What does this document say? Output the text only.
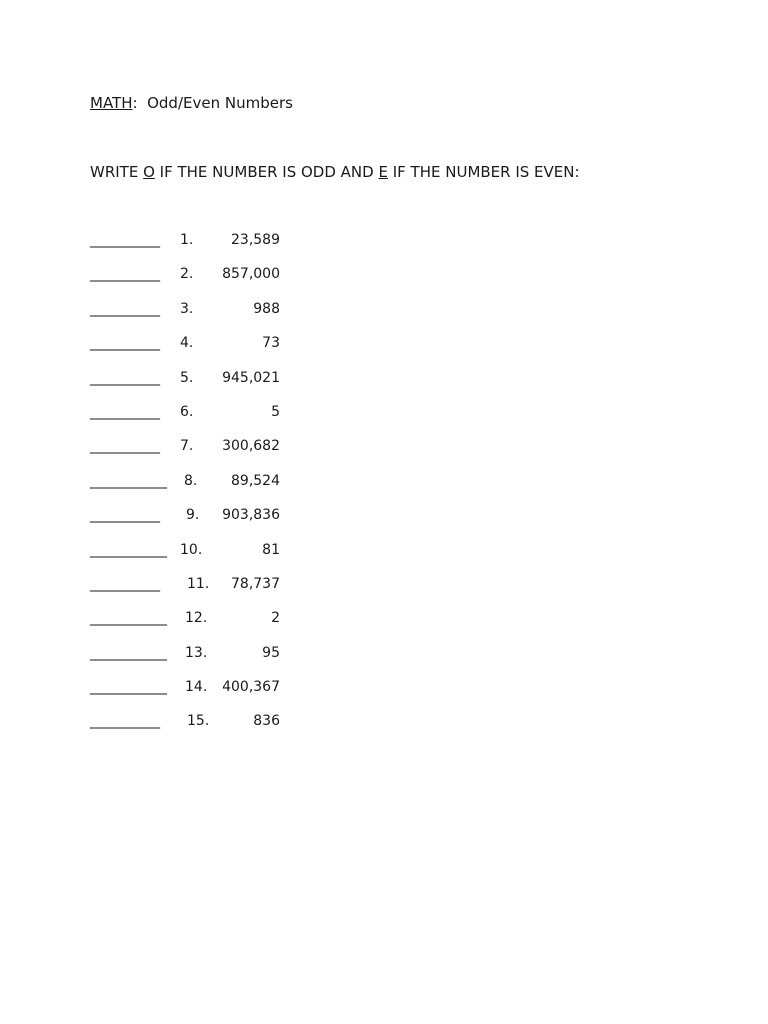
MATH: Odd/Even Numbers
WRITE O IF THE NUMBER IS ODD AND E IF THE NUMBER IS EVEN:
__________ 1.	23,589
__________ 2. 857,000
__________ 3.	988
__________ 4.	73
__________ 5. 945,021
__________ 6.	5
__________ 7. 300,682
___________ 8. 89,524
__________ 9. 903,836
___________ 10.	81
__________ 11. 78,737
___________ 12.	2
___________ 13.	95
___________ 14. 400,367
__________ 15.	836
